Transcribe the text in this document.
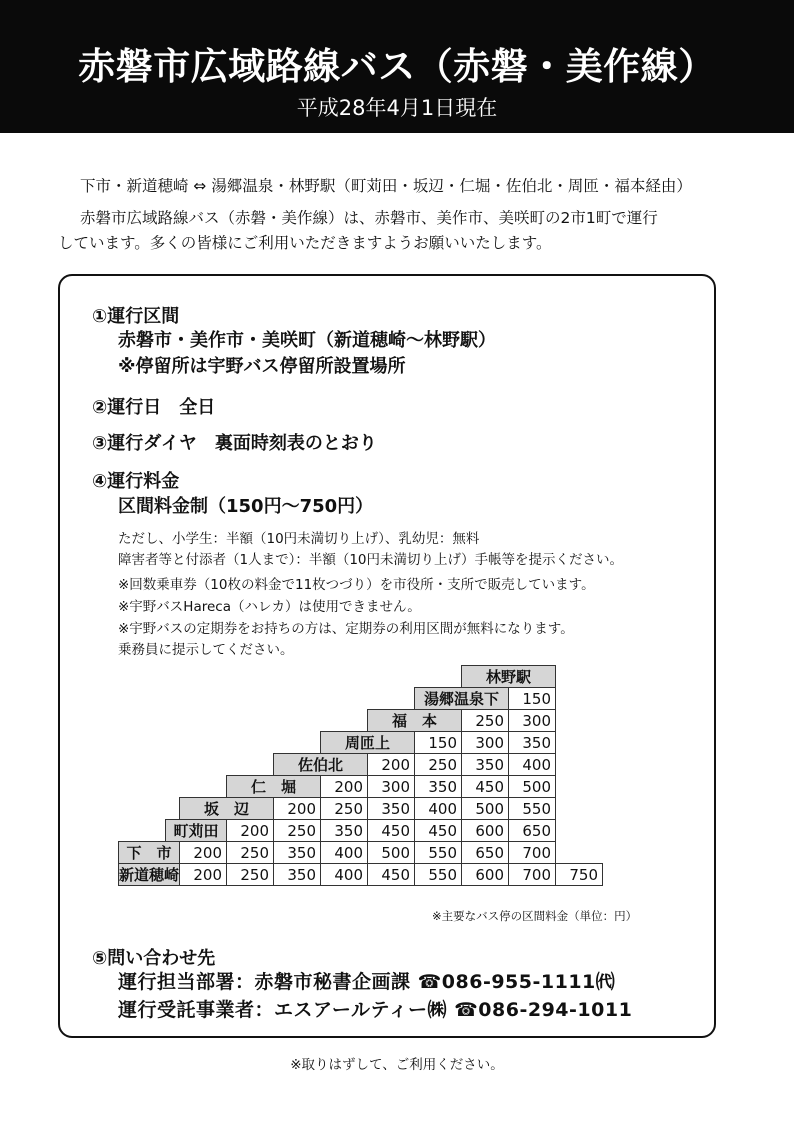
赤磐市広域路線バス（赤磐・美作線）
平成28年4月1日現在
下市・新道穂崎 ⇔ 湯郷温泉・林野駅（町苅田・坂辺・仁堀・佐伯北・周匝・福本経由）
赤磐市広域路線バス（赤磐・美作線）は、赤磐市、美作市、美咲町の2市1町で運行
しています。多くの皆様にご利用いただきますようお願いいたします。
①運行区間
赤磐市・美作市・美咲町（新道穂崎～林野駅）
※停留所は宇野バス停留所設置場所
②運行日　全日
③運行ダイヤ　裏面時刻表のとおり
④運行料金
区間料金制（150円～750円）
ただし、小学生：半額（10円未満切り上げ）、乳幼児：無料
障害者等と付添者（1人まで）：半額（10円未満切り上げ）手帳等を提示ください。
※回数乗車券（10枚の料金で11枚つづり）を市役所・支所で販売しています。
※宇野バスHareca（ハレカ）は使用できません。
※宇野バスの定期券をお持ちの方は、定期券の利用区間が無料になります。
乗務員に提示してください。
								林野駅		
							湯郷温泉下		150	
						福　本		250	300	
					周匝上		150	300	350	
				佐伯北		200	250	350	400	
			仁　堀		200	300	350	450	500	
		坂　辺		200	250	350	400	500	550	
	町苅田		200	250	350	450	450	600	650	
下　市		200	250	350	400	500	550	650	700	
新道穂崎		200	250	350	400	450	550	600	700	750
※主要なバス停の区間料金（単位：円）
⑤問い合わせ先
運行担当部署：赤磐市秘書企画課 ☎086-955-1111㈹
運行受託事業者：エスアールティー㈱ ☎086-294-1011
※取りはずして、ご利用ください。
